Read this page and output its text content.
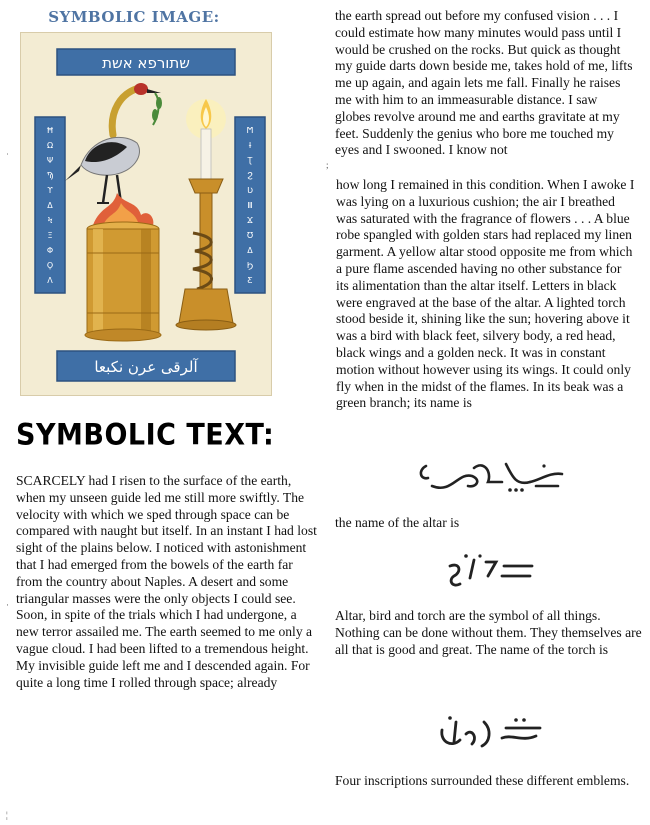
SYMBOLIC IMAGE:
שתורפא אשת
Ħ
Ω
Ψ
Ϡ
ϒ
Δ
Ϟ
Ξ
Φ
Ϙ
Λ
Ϻ
Ɨ
Ʈ
Ϩ
Ʋ
Ⅲ
Ϫ
Ʊ
Δ
Ϧ
Ƹ
آلرقی عرن نکبعا
SYMBOLIC TEXT:
SCARCELY had I risen to the surface of the earth, when my unseen guide led me still more swiftly. The velocity with which we sped through space can be compared with naught but itself. In an instant I had lost sight of the plains below. I noticed with astonishment that I had emerged from the bowels of the earth far from the country about Naples. A desert and some triangular masses were the only objects I could see. Soon, in spite of the trials which I had undergone, a new terror assailed me. The earth seemed to me only a vague cloud. I had been lifted to a tremendous height. My invisible guide left me and I descended again. For quite a long time I rolled through space; already
ʾ
;
·
¦
the earth spread out before my confused vision . . . I could estimate how many minutes would pass until I would be crushed on the rocks. But quick as thought my guide darts down beside me, takes hold of me, lifts me up again, and again lets me fall. Finally he raises me with him to an immeasurable distance. I saw globes revolve around me and earths gravitate at my feet. Suddenly the genius who bore me touched my eyes and I swooned. I know not
how long I remained in this condition. When I awoke I was lying on a luxurious cushion; the air I breathed was saturated with the fragrance of flowers . . . A blue robe spangled with golden stars had replaced my linen garment. A yellow altar stood opposite me from which a pure flame ascended having no other substance for its alimentation than the altar itself. Letters in black were engraved at the base of the altar. A lighted torch stood beside it, shining like the sun; hovering above it was a bird with black feet, silvery body, a red head, black wings and a golden neck. It was in constant motion without however using its wings. It could only fly when in the midst of the flames. In its beak was a green branch; its name is
the name of the altar is
Altar, bird and torch are the symbol of all things. Nothing can be done without them. They themselves are all that is good and great. The name of the torch is
Four inscriptions surrounded these different emblems.
